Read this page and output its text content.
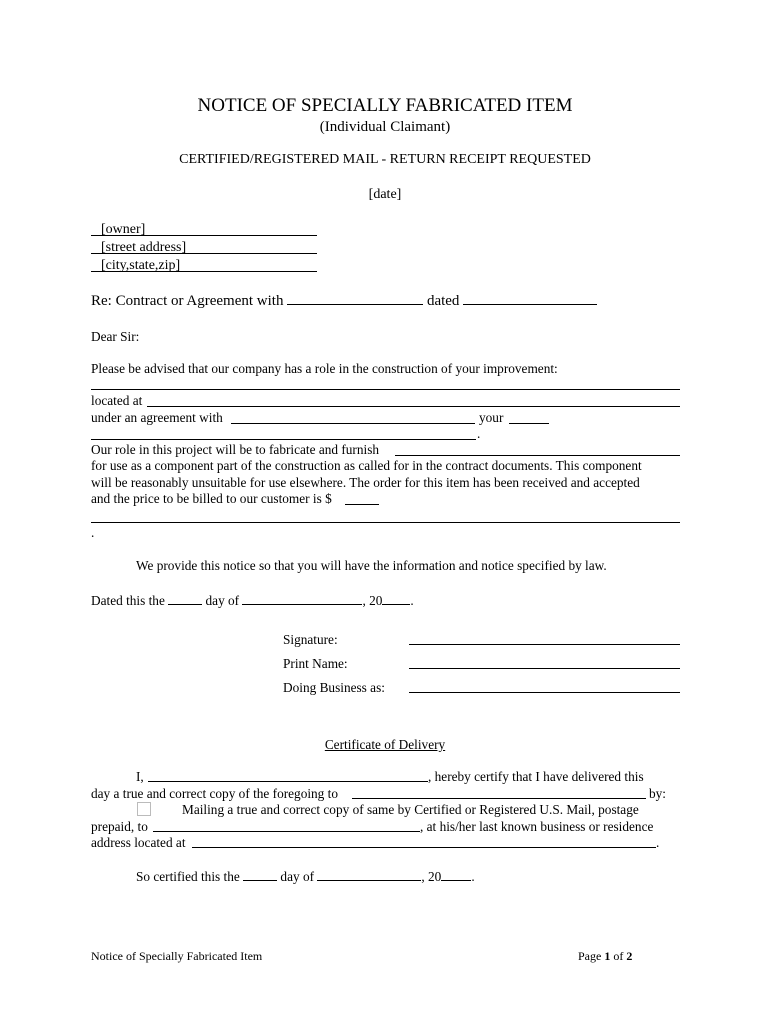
NOTICE OF SPECIALLY FABRICATED ITEM
(Individual Claimant)
CERTIFIED/REGISTERED MAIL - RETURN RECEIPT REQUESTED
[date]
[owner]
[street address]
[city,state,zip]
Re: Contract or Agreement with	dated
Dear Sir:
Please be advised that our company has a role in the construction of your improvement:
located at
under an agreement with	your
.
Our role in this project will be to fabricate and furnish
for use as a component part of the construction as called for in the contract documents. This component
will be reasonably unsuitable for use elsewhere. The order for this item has been received and accepted
and the price to be billed to our customer is $
.
We provide this notice so that you will have the information and notice specified by law.
Dated this the	day of	, 20 .
Signature:
Print Name:
Doing Business as:
Certificate of Delivery
I,	, hereby certify that I have delivered this
day a true and correct copy of the foregoing to	by:
Mailing a true and correct copy of same by Certified or Registered U.S. Mail, postage
prepaid, to	, at his/her last known business or residence
address located at	.
So certified this the	day of	, 20 .
Notice of Specially Fabricated Item	Page 1 of 2
